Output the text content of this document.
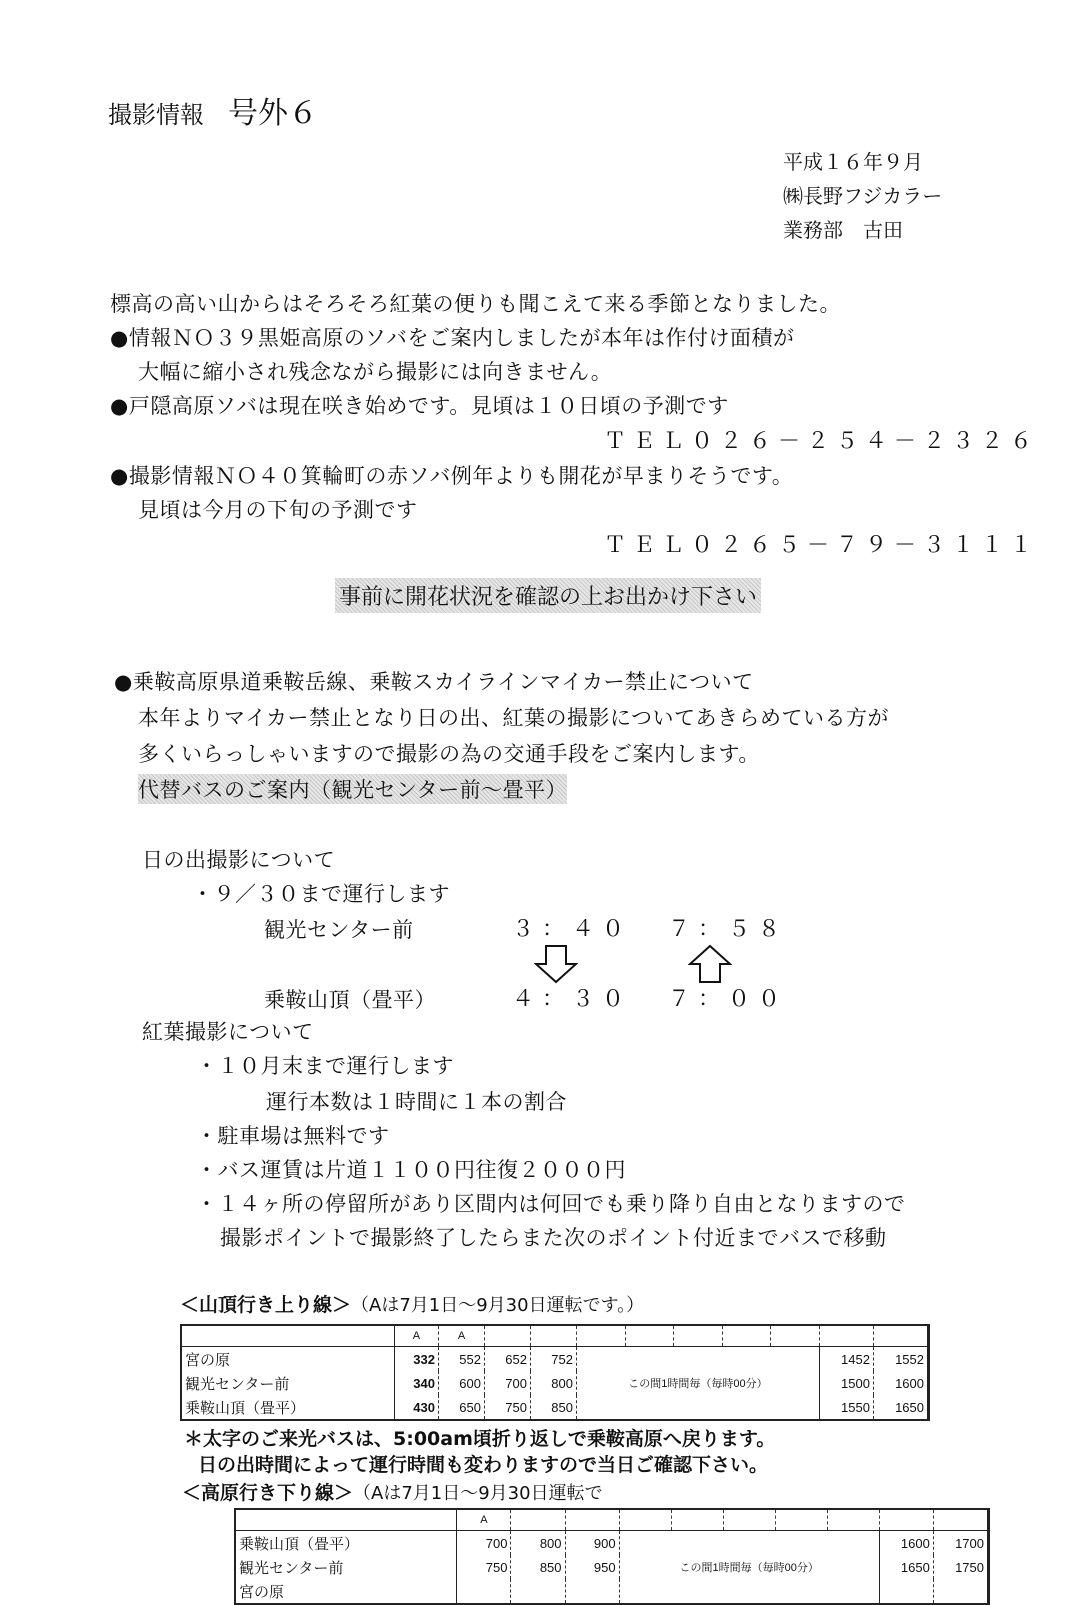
撮影情報 号外６
平成１６年９月
㈱長野フジカラー
業務部　古田
標高の高い山からはそろそろ紅葉の便りも聞こえて来る季節となりました。
●情報ＮＯ３９黒姫高原のソバをご案内しましたが本年は作付け面積が
大幅に縮小され残念ながら撮影には向きません。
●戸隠高原ソバは現在咲き始めです。見頃は１０日頃の予測です
ＴＥＬ０２６－２５４－２３２６
●撮影情報ＮＯ４０箕輪町の赤ソバ例年よりも開花が早まりそうです。
見頃は今月の下旬の予測です
ＴＥＬ０２６５－７９－３１１１
事前に開花状況を確認の上お出かけ下さい
●乗鞍高原県道乗鞍岳線、乗鞍スカイラインマイカー禁止について
本年よりマイカー禁止となり日の出、紅葉の撮影についてあきらめている方が
多くいらっしゃいますので撮影の為の交通手段をご案内します。
代替バスのご案内（観光センター前～畳平）
日の出撮影について
・９／３０まで運行します
観光センター前	３：４０ ７：５８
乗鞍山頂（畳平）	４：３０ ７：００
紅葉撮影について
・１０月末まで運行します
運行本数は１時間に１本の割合
・駐車場は無料です
・バス運賃は片道１１００円往復２０００円
・１４ヶ所の停留所があり区間内は何回でも乗り降り自由となりますので
撮影ポイントで撮影終了したらまた次のポイント付近までバスで移動
＜山頂行き上り線＞（Aは7月1日～9月30日運転です。）
	A	A									
宮の原	332	552	652	752	この間1時間毎（毎時00分）					1452	1552
観光センター前	340	600	700	800						1500	1600
乗鞍山頂（畳平）	430	650	750	850						1550	1650
＊太字のご来光バスは、5:00am頃折り返しで乗鞍高原へ戻ります。
日の出時間によって運行時間も変わりますので当日ご確認下さい。
＜高原行き下り線＞（Aは7月1日～9月30日運転で
	A									
乗鞍山頂（畳平）	700	800	900	この間1時間毎（毎時00分）					1600	1700
観光センター前	750	850	950						1650	1750
宮の原										
